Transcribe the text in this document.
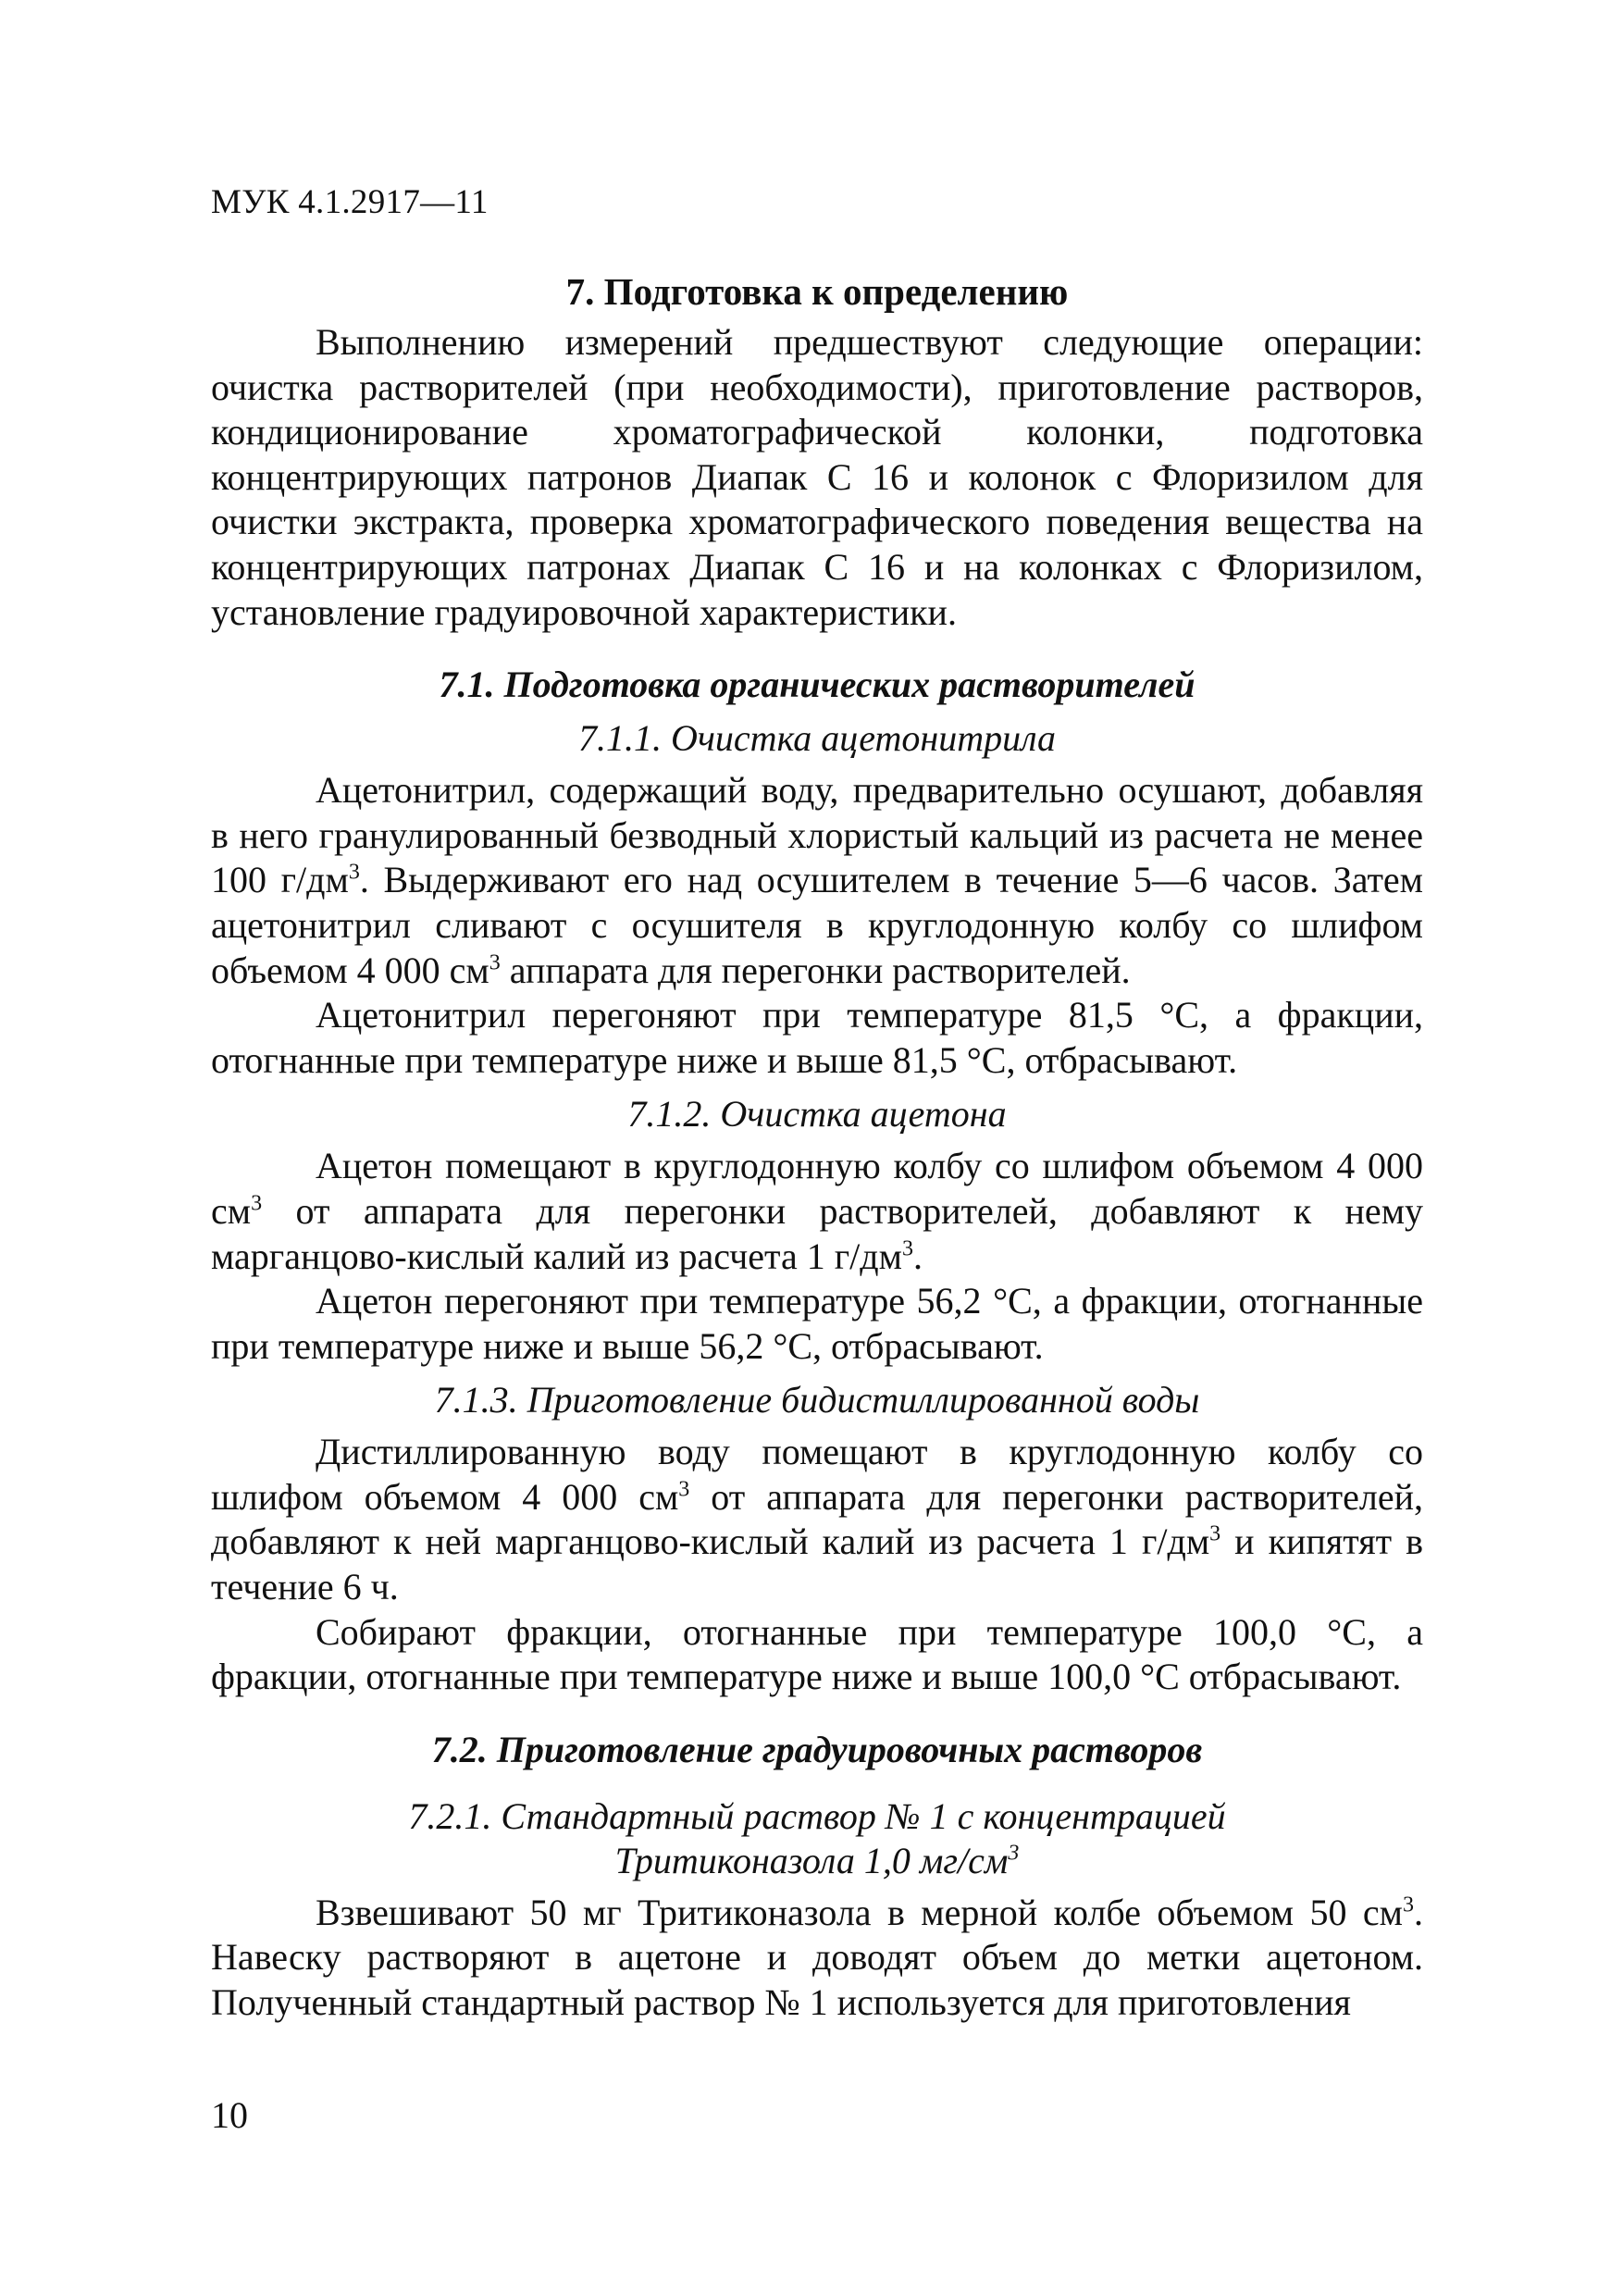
МУК 4.1.2917—11
7. Подготовка к определению

Выполнению измерений предшествуют следующие операции: очистка растворителей (при необходимости), приготовление растворов, кондиционирование хроматографической колонки, подготовка концентрирующих патронов Диапак С 16 и колонок с Флоризилом для очистки экстракта, проверка хроматографического поведения вещества на концентрирующих патронах Диапак С 16 и на колонках с Флоризилом, установление градуировочной характеристики.

7.1. Подготовка органических растворителей
7.1.1. Очистка ацетонитрила

Ацетонитрил, содержащий воду, предварительно осушают, добавляя в него гранулированный безводный хлористый кальций из расчета не менее 100 $г/дм^3$. Выдерживают его над осушителем в течение 5—6 часов. Затем ацетонитрил сливают с осушителя в круглодонную колбу со шлифом объемом 4 000 $см^3$ аппарата для перегонки растворителей.

Ацетонитрил перегоняют при температуре 81,5 °С, а фракции, отогнанные при температуре ниже и выше 81,5 °С, отбрасывают.

7.1.2. Очистка ацетона

Ацетон помещают в круглодонную колбу со шлифом объемом 4 000 $см^3$ от аппарата для перегонки растворителей, добавляют к нему марганцово-кислый калий из расчета 1 $г/дм^3$.

Ацетон перегоняют при температуре 56,2 °С, а фракции, отогнанные при температуре ниже и выше 56,2 °С, отбрасывают.

7.1.3. Приготовление бидистиллированной воды

Дистиллированную воду помещают в круглодонную колбу со шлифом объемом 4 000 $см^3$ от аппарата для перегонки растворителей, добавляют к ней марганцово-кислый калий из расчета 1 $г/дм^3$ и кипятят в течение 6 ч.

Собирают фракции, отогнанные при температуре 100,0 °С, а фракции, отогнанные при температуре ниже и выше 100,0 °С отбрасывают.

7.2. Приготовление градуировочных растворов
7.2.1. Стандартный раствор № 1 с концентрацией
Тритиконазола 1,0 $мг/см^3$

Взвешивают 50 мг Тритиконазола в мерной колбе объемом 50 $см^3$. Навеску растворяют в ацетоне и доводят объем до метки ацетоном. Полученный стандартный раствор № 1 используется для приготовления

10
